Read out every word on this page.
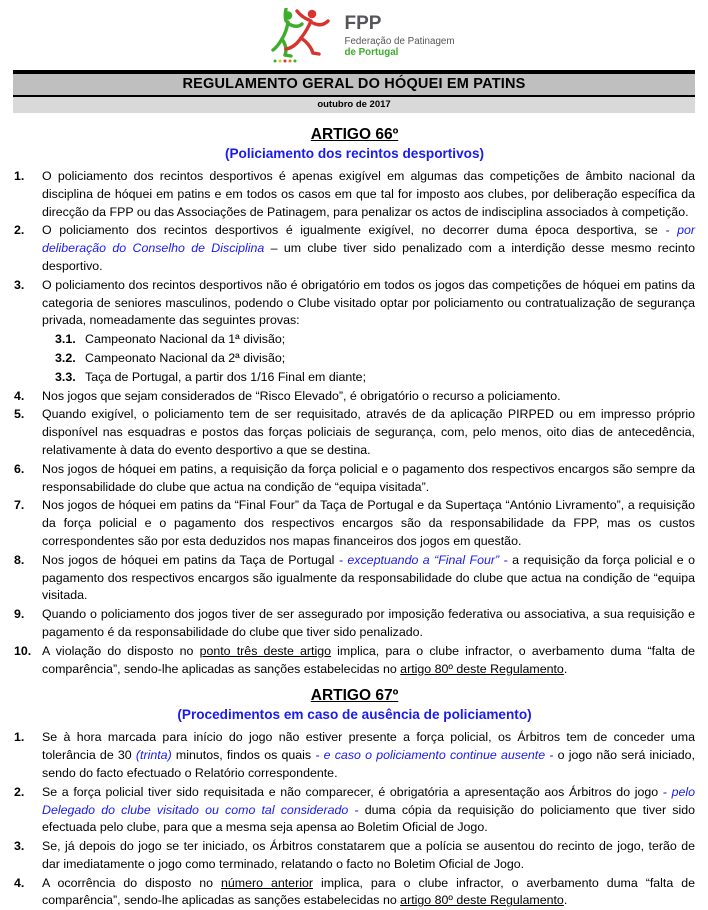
FPP
Federação de Patinagem
de Portugal
REGULAMENTO GERAL DO HÓQUEI EM PATINS
outubro de 2017
ARTIGO 66º
(Policiamento dos recintos desportivos)
1.	O policiamento dos recintos desportivos é apenas exigível em algumas das competições de âmbito nacional da disciplina de hóquei em patins e em todos os casos em que tal for imposto aos clubes, por deliberação específica da direcção da FPP ou das Associações de Patinagem, para penalizar os actos de indisciplina associados à competição.

2.	O policiamento dos recintos desportivos é igualmente exigível, no decorrer duma época desportiva, se - por deliberação do Conselho de Disciplina – um clube tiver sido penalizado com a interdição desse mesmo recinto desportivo.

3.	O policiamento dos recintos desportivos não é obrigatório em todos os jogos das competições de hóquei em patins da categoria de seniores masculinos, podendo o Clube visitado optar por policiamento ou contratualização de segurança privada, nomeadamente das seguintes provas:

3.1. Campeonato Nacional da 1ª divisão;

3.2. Campeonato Nacional da 2ª divisão;

3.3. Taça de Portugal, a partir dos 1/16 Final em diante;

4.	Nos jogos que sejam considerados de “Risco Elevado”, é obrigatório o recurso a policiamento.

5.	Quando exigível, o policiamento tem de ser requisitado, através de da aplicação PIRPED ou em impresso próprio disponível nas esquadras e postos das forças policiais de segurança, com, pelo menos, oito dias de antecedência, relativamente à data do evento desportivo a que se destina.

6.	Nos jogos de hóquei em patins, a requisição da força policial e o pagamento dos respectivos encargos são sempre da responsabilidade do clube que actua na condição de “equipa visitada”.

7.	Nos jogos de hóquei em patins da “Final Four” da Taça de Portugal e da Supertaça “António Livramento”, a requisição da força policial e o pagamento dos respectivos encargos são da responsabilidade da FPP, mas os custos correspondentes são por esta deduzidos nos mapas financeiros dos jogos em questão.

8.	Nos jogos de hóquei em patins da Taça de Portugal - exceptuando a “Final Four” - a requisição da força policial e o pagamento dos respectivos encargos são igualmente da responsabilidade do clube que actua na condição de “equipa visitada.

9.	Quando o policiamento dos jogos tiver de ser assegurado por imposição federativa ou associativa, a sua requisição e pagamento é da responsabilidade do clube que tiver sido penalizado.

10. A violação do disposto no ponto três deste artigo implica, para o clube infractor, o averbamento duma “falta de comparência”, sendo-lhe aplicadas as sanções estabelecidas no artigo 80º deste Regulamento.

ARTIGO 67º
(Procedimentos em caso de ausência de policiamento)
1.	Se à hora marcada para início do jogo não estiver presente a força policial, os Árbitros tem de conceder uma tolerância de 30 (trinta) minutos, findos os quais - e caso o policiamento continue ausente - o jogo não será iniciado, sendo do facto efectuado o Relatório correspondente.

2.	Se a força policial tiver sido requisitada e não comparecer, é obrigatória a apresentação aos Árbitros do jogo - pelo Delegado do clube visitado ou como tal considerado - duma cópia da requisição do policiamento que tiver sido efectuada pelo clube, para que a mesma seja apensa ao Boletim Oficial de Jogo.

3.	Se, já depois do jogo se ter iniciado, os Árbitros constatarem que a polícia se ausentou do recinto de jogo, terão de dar imediatamente o jogo como terminado, relatando o facto no Boletim Oficial de Jogo.

4.	A ocorrência do disposto no número anterior implica, para o clube infractor, o averbamento duma “falta de comparência”, sendo-lhe aplicadas as sanções estabelecidas no artigo 80º deste Regulamento.
